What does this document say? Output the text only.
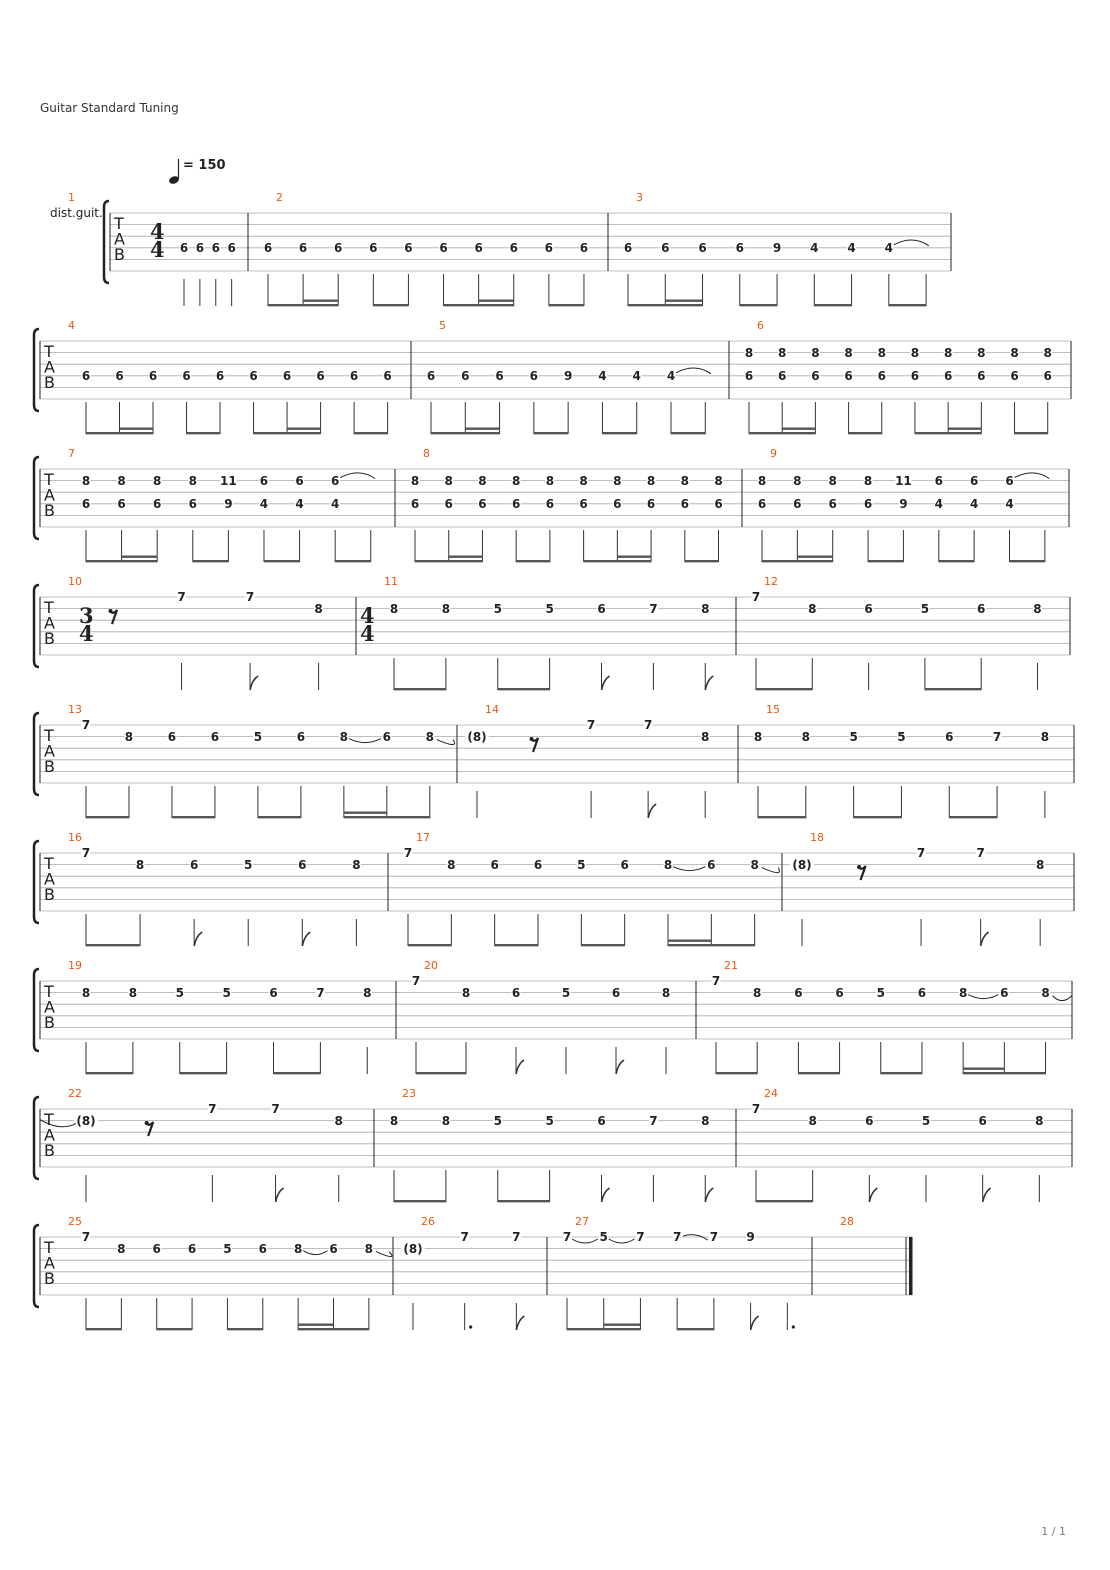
Guitar Standard Tuning
= 150
dist.guit.
T
A
B
1
4
4 6 6 6 6
2
6 6 6 6 6 6 6 6 6 6
3
6 6 6 6 9 4 4 4
T
A
B
4
6 6 6 6 6 6 6 6 6 6
5
6 6 6 6 9 4 4 4
6
8
6
8
6
8
6
8
6
8
6
8
6
8
6
8
6
8
6
8
6
T
A
B
7
8
6
8
6
8
6
8
6
11
9
6
4
6
4
6
4
8
8
6
8
6
8
6
8
6
8
6
8
6
8
6
8
6
8
6
8
6
9
8
6
8
6
8
6
8
6
11
9
6
4
6
4
6
4
T
A
B
10
3
4
7	7
8
11
4
4
8	8	5	5	6	7	8
12
7
8	6	5	6	8
T
A
B
13
7
8	6	6	5	6	8	6	8
14
(8)
7	7
8
15
8	8	5	5	6	7	8
T
A
B
16
7
8	6	5	6	8
17
7
8	6	6	5	6	8	6	8
18
(8)
7	7
8
T
A
B
19
8	8	5	5	6	7	8
20
7
8	6	5	6	8
21
7
8	6	6	5	6	8	6	8
T
A
B
22
(8)
7	7
8
23
8	8	5	5	6	7	8
24
7
8	6	5	6	8
T
A
B
25
7
8 6 6 5 6 8 6 8
26
(8)
7	7
27
7 5 7 7 7 9
28
1 / 1
